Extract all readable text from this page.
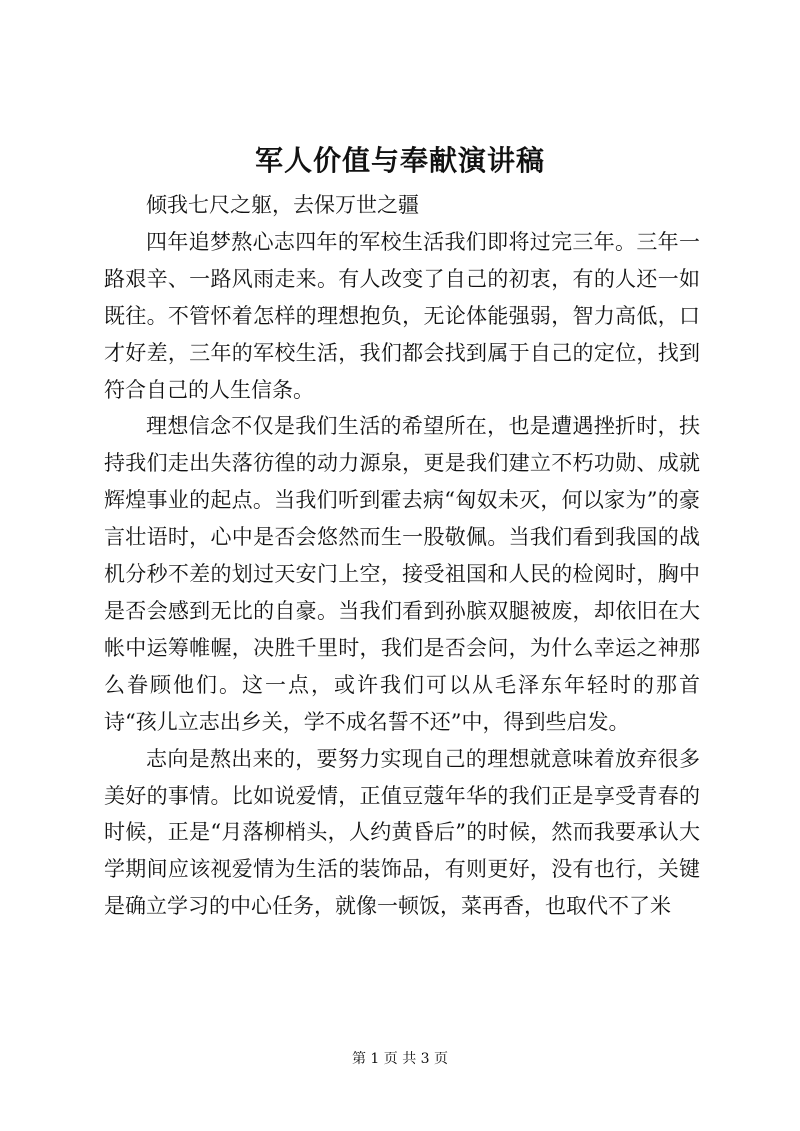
军人价值与奉献演讲稿

倾我七尺之躯，去保万世之疆

四年追梦熬心志四年的军校生活我们即将过完三年。三年一路艰辛、一路风雨走来。有人改变了自己的初衷，有的人还一如既往。不管怀着怎样的理想抱负，无论体能强弱，智力高低，口才好差，三年的军校生活，我们都会找到属于自己的定位，找到符合自己的人生信条。

理想信念不仅是我们生活的希望所在，也是遭遇挫折时，扶持我们走出失落彷徨的动力源泉，更是我们建立不朽功勋、成就辉煌事业的起点。当我们听到霍去病“匈奴未灭，何以家为”的豪言壮语时，心中是否会悠然而生一股敬佩。当我们看到我国的战机分秒不差的划过天安门上空，接受祖国和人民的检阅时，胸中是否会感到无比的自豪。当我们看到孙膑双腿被废，却依旧在大帐中运筹帷幄，决胜千里时，我们是否会问，为什么幸运之神那么眷顾他们。这一点，或许我们可以从毛泽东年轻时的那首诗“孩儿立志出乡关，学不成名誓不还”中，得到些启发。

志向是熬出来的，要努力实现自己的理想就意味着放弃很多美好的事情。比如说爱情，正值豆蔻年华的我们正是享受青春的时候，正是“月落柳梢头，人约黄昏后”的时候，然而我要承认大学期间应该视爱情为生活的装饰品，有则更好，没有也行，关键是确立学习的中心任务，就像一顿饭，菜再香，也取代不了米

第 1 页 共 3 页
